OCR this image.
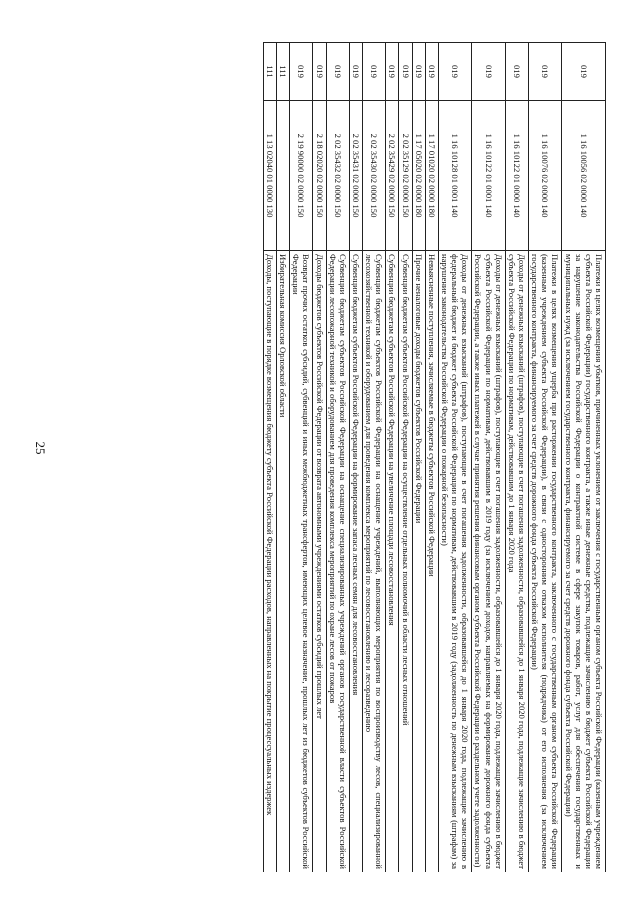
25
019	1 16 10056 02 0000 140	Платежи в целях возмещения убытков, причиненных уклонением от заключения с государственным органом субъекта Российской Федерации (казенным учреждением субъекта Российской Федерации) государственного контракта, а также иные денежные средства, подлежащие зачислению в бюджет субъекта Российской Федерации за нарушение законодательства Российской Федерации о контрактной системе в сфере закупок товаров, работ, услуг для обеспечения государственных и муниципальных нужд (за исключением государственного контракта, финансируемого за счет средств дорожного фонда субъекта Российской Федерации)
019	1 16 10076 02 0000 140	Платежи в целях возмещения ущерба при расторжении государственного контракта, заключенного с государственным органом субъекта Российской Федерации (казенным учреждением субъекта Российской Федерации), в связи с односторонним отказом исполнителя (подрядчика) от его исполнения (за исключением государственного контракта, финансируемого за счет средств дорожного фонда субъекта Российской Федерации)
019	1 16 10122 01 0000 140	Доходы от денежных взысканий (штрафов), поступающие в счет погашения задолженности, образовавшейся до 1 января 2020 года, подлежащие зачислению в бюджет субъекта Российской Федерации по нормативам, действовавшим до 1 января 2020 года
019	1 16 10122 01 0001 140	Доходы от денежных взысканий (штрафов), поступающие в счет погашения задолженности, образовавшейся до 1 января 2020 года, подлежащие зачислению в бюджет субъекта Российской Федерации по нормативам, действовавшим в 2019 году (за исключением доходов, направляемых на формирование дорожного фонда субъекта Российской Федерации, а также иных платежей в случае принятия решения финансовым органом субъекта Российской Федерации о раздельном учете задолженности)
019	1 16 10128 01 0001 140	Доходы от денежных взысканий (штрафов), поступающие в счет погашения задолженности, образовавшейся до 1 января 2020 года, подлежащие зачислению в федеральный бюджет и бюджет субъекта Российской Федерации по нормативам, действовавшим в 2019 году (задолженность по денежным взысканиям (штрафам) за нарушение законодательства Российской Федерации о пожарной безопасности)
019	1 17 01020 02 0000 180	Невыясненные поступления, зачисляемые в бюджеты субъектов Российской Федерации
019	1 17 05020 02 0000 180	Прочие неналоговые доходы бюджетов субъектов Российской Федерации
019	2 02 35129 02 0000 150	Субвенции бюджетам субъектов Российской Федерации на осуществление отдельных полномочий в области лесных отношений
019	2 02 35429 02 0000 150	Субвенции бюджетам субъектов Российской Федерации на увеличение площади лесовосстановления
019	2 02 35430 02 0000 150	Субвенции бюджетам субъектов Российской Федерации на оснащение учреждений, выполняющих мероприятия по воспроизводству лесов, специализированной лесохозяйственной техникой и оборудованием для проведения комплекса мероприятий по лесовосстановлению и лесоразведению
019	2 02 35431 02 0000 150	Субвенции бюджетам субъектов Российской Федерации на формирование запаса лесных семян для лесовосстановления
019	2 02 35432 02 0000 150	Субвенции бюджетам субъектов Российской Федерации на оснащение специализированных учреждений органов государственной власти субъектов Российской Федерации лесопожарной техникой и оборудованием для проведения комплекса мероприятий по охране лесов от пожаров
019	2 18 02020 02 0000 150	Доходы бюджетов субъектов Российской Федерации от возврата автономными учреждениями остатков субсидий прошлых лет
019	2 19 90000 02 0000 150	Возврат прочих остатков субсидий, субвенций и иных межбюджетных трансфертов, имеющих целевое назначение, прошлых лет из бюджетов субъектов Российской Федерации
111		Избирательная комиссия Орловской области
111	1 13 02040 01 0000 130	Доходы, поступающие в порядке возмещения бюджету субъекта Российской Федерации расходов, направленных на покрытие процессуальных издержек
